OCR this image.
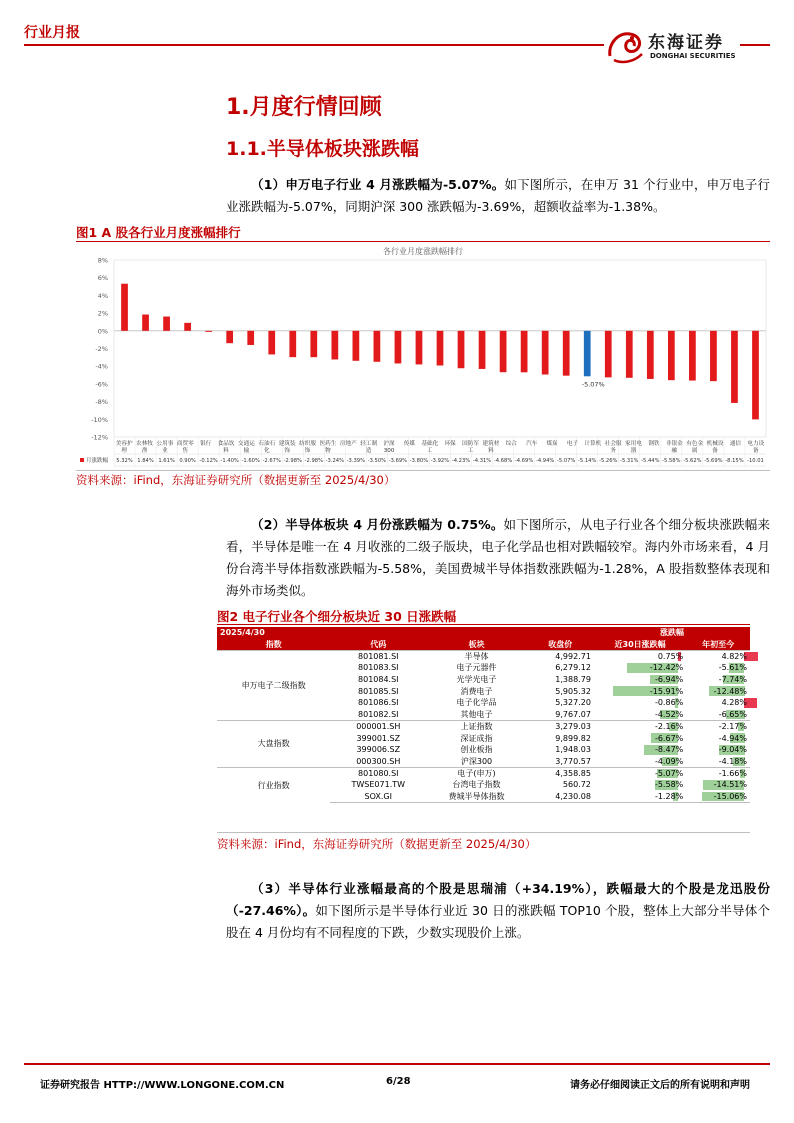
行业月报	东海证券
DONGHAI SECURITIES
1.月度行情回顾
1.1.半导体板块涨跌幅

（1）申万电子行业 4 月涨跌幅为-5.07%。如下图所示，在申万 31 个行业中，申万电子行业涨跌幅为-5.07%，同期沪深 300 涨跌幅为-3.69%，超额收益率为-1.38%。

图1 A 股各行业月度涨幅排行
各行业月度涨跌幅排行
8%
6%
4%
2%
0%
-2%
-4%
-6%
-8%
-10%
-12%
月涨跌幅 5.32% 1.84% 1.61% 0.90% -0.12% -1.40% -1.60% -2.67% -2.98% -2.98% -3.24% -3.39% -3.50% -3.69% -3.80% -3.92% -4.23% -4.31% -4.68% -4.69% -4.94% -5.07% -5.14% -5.26% -5.31% -5.44% -5.58% -5.62% -5.69% -8.15% -10.01
美容护
理
农林牧
渔
公用事
业
商贸零
售
银行 食品饮
料
交通运
输
石油石
化
建筑装
饰
纺织服
饰
医药生
物
房地产 轻工制
造
沪深
300
传媒 基础化
工
环保 国防军
工
建筑材
料
综合 汽车 煤炭 电子 计算机 社会服
务
家用电
器
钢铁 非银金
融
有色金
属
机械设
备
通信 电力设
备
-5.07%
资料来源：iFind，东海证券研究所（数据更新至 2025/4/30）

（2）半导体板块 4 月份涨跌幅为 0.75%。如下图所示，从电子行业各个细分板块涨跌幅来看，半导体是唯一在 4 月收涨的二级子版块，电子化学品也相对跌幅较窄。海内外市场来看，4 月份台湾半导体指数涨跌幅为-5.58%，美国费城半导体指数涨跌幅为-1.28%，A 股指数整体表现和海外市场类似。

图2 电子行业各个细分板块近 30 日涨跌幅
2025/4/30				涨跌幅	
指数	代码	板块	收盘价	近30日涨跌幅	年初至今
申万电子二级指数	801081.SI	半导体	4,992.71	0.75%	4.82%
	801083.SI	电子元器件	6,279.12	-12.42%	-5.61%
	801084.SI	光学光电子	1,388.79	-6.94%	-7.74%
	801085.SI	消费电子	5,905.32	-15.91%	-12.48%
	801086.SI	电子化学品	5,327.20	-0.86%	4.28%
	801082.SI	其他电子	9,767.07	-4.52%	-6.65%
大盘指数	000001.SH	上证指数	3,279.03	-2.16%	-2.17%
	399001.SZ	深证成指	9,899.82	-6.67%	-4.94%
	399006.SZ	创业板指	1,948.03	-8.47%	-9.04%
	000300.SH	沪深300	3,770.57	-4.09%	-4.18%
行业指数	801080.SI	电子(申万)	4,358.85	-5.07%	-1.66%
	TWSE071.TW	台湾电子指数	560.72	-5.58%	-14.51%
	SOX.GI	费城半导体指数	4,230.08	-1.28%	-15.06%
资料来源：iFind，东海证券研究所（数据更新至 2025/4/30）

（3）半导体行业涨幅最高的个股是思瑞浦（+34.19%），跌幅最大的个股是龙迅股份（-27.46%）。如下图所示是半导体行业近 30 日的涨跌幅 TOP10 个股，整体上大部分半导体个股在 4 月份均有不同程度的下跌，少数实现股价上涨。

证券研究报告 HTTP://WWW.LONGONE.COM.CN	6/28	请务必仔细阅读正文后的所有说明和声明
